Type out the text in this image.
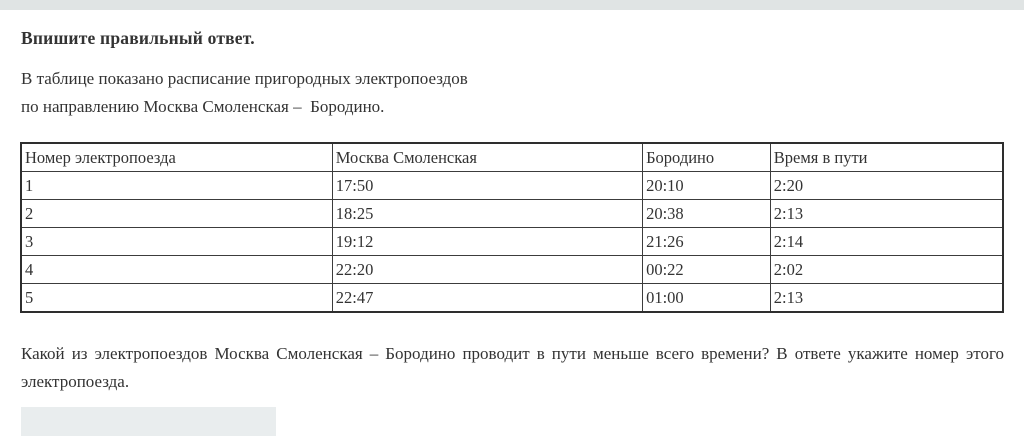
Впишите правильный ответ.

В таблице показано расписание пригородных электропоездов
по направлению Москва Смоленская –  Бородино.

Номер электропоезда	Москва Смоленская	Бородино	Время в пути
1	17:50	20:10	2:20
2	18:25	20:38	2:13
3	19:12	21:26	2:14
4	22:20	00:22	2:02
5	22:47	01:00	2:13

Какой из электропоездов Москва Смоленская – Бородино проводит в пути меньше всего времени? В ответе укажите номер этого электропоезда.
